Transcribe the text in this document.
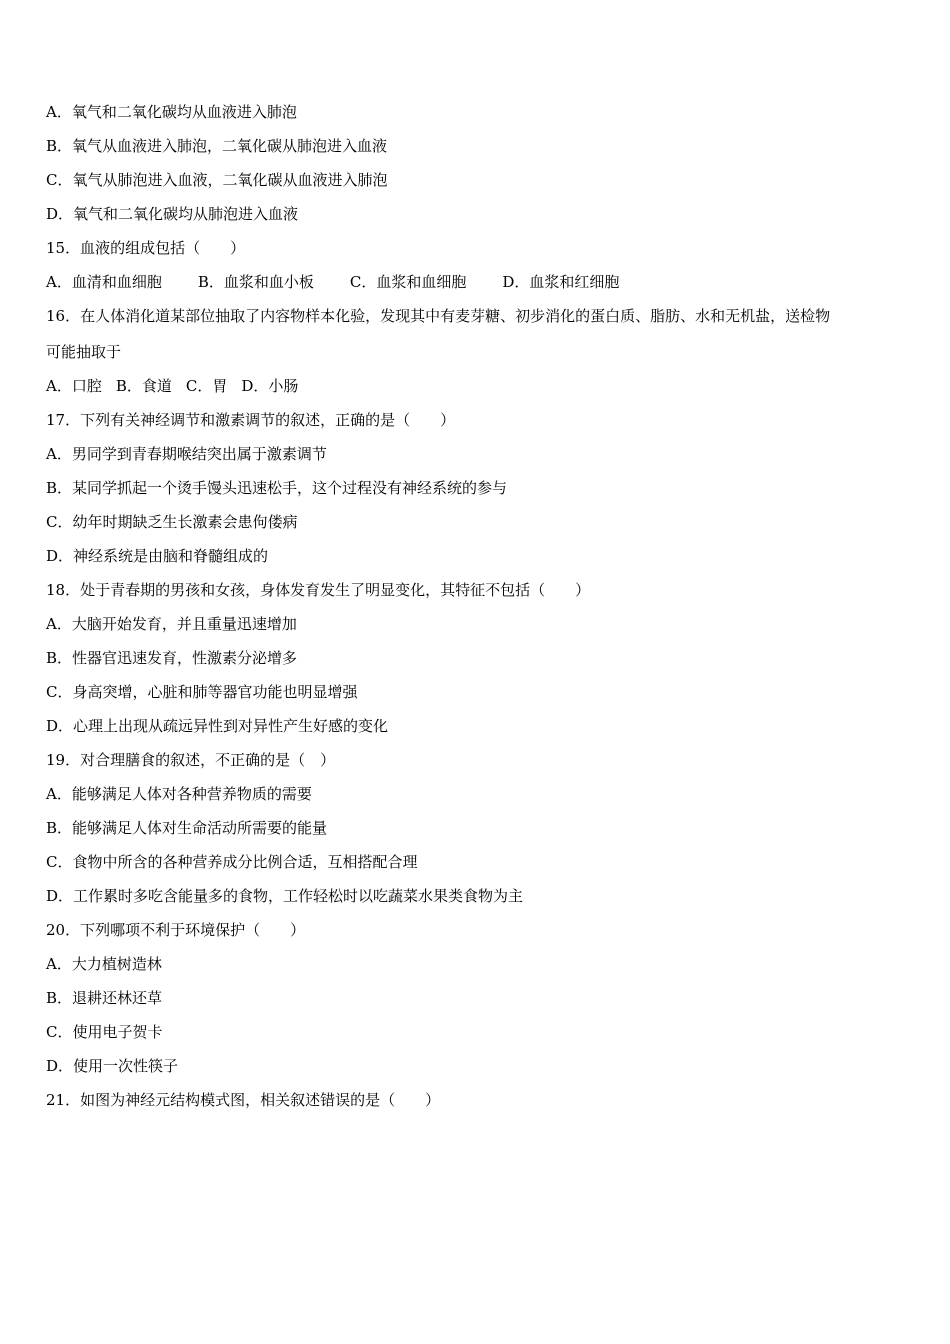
A．氧气和二氧化碳均从血液进入肺泡
B．氧气从血液进入肺泡，二氧化碳从肺泡进入血液
C．氧气从肺泡进入血液，二氧化碳从血液进入肺泡
D．氧气和二氧化碳均从肺泡进入血液
15．血液的组成包括（　　）
A．血清和血细胞 B．血浆和血小板 C．血浆和血细胞 D．血浆和红细胞
16．在人体消化道某部位抽取了内容物样本化验，发现其中有麦芽糖、初步消化的蛋白质、脂肪、水和无机盐，送检物
可能抽取于
A．口腔 B．食道 C．胃 D．小肠
17．下列有关神经调节和激素调节的叙述，正确的是（　　）
A．男同学到青春期喉结突出属于激素调节
B．某同学抓起一个烫手馒头迅速松手，这个过程没有神经系统的参与
C．幼年时期缺乏生长激素会患佝偻病
D．神经系统是由脑和脊髓组成的
18．处于青春期的男孩和女孩，身体发育发生了明显变化，其特征不包括（　　）
A．大脑开始发育，并且重量迅速增加
B．性器官迅速发育，性激素分泌增多
C．身高突增，心脏和肺等器官功能也明显增强
D．心理上出现从疏远异性到对异性产生好感的变化
19．对合理膳食的叙述，不正确的是（　）
A．能够满足人体对各种营养物质的需要
B．能够满足人体对生命活动所需要的能量
C．食物中所含的各种营养成分比例合适，互相搭配合理
D．工作累时多吃含能量多的食物，工作轻松时以吃蔬菜水果类食物为主
20．下列哪项不利于环境保护（　　）
A．大力植树造林
B．退耕还林还草
C．使用电子贺卡
D．使用一次性筷子
21．如图为神经元结构模式图，相关叙述错误的是（　　）
